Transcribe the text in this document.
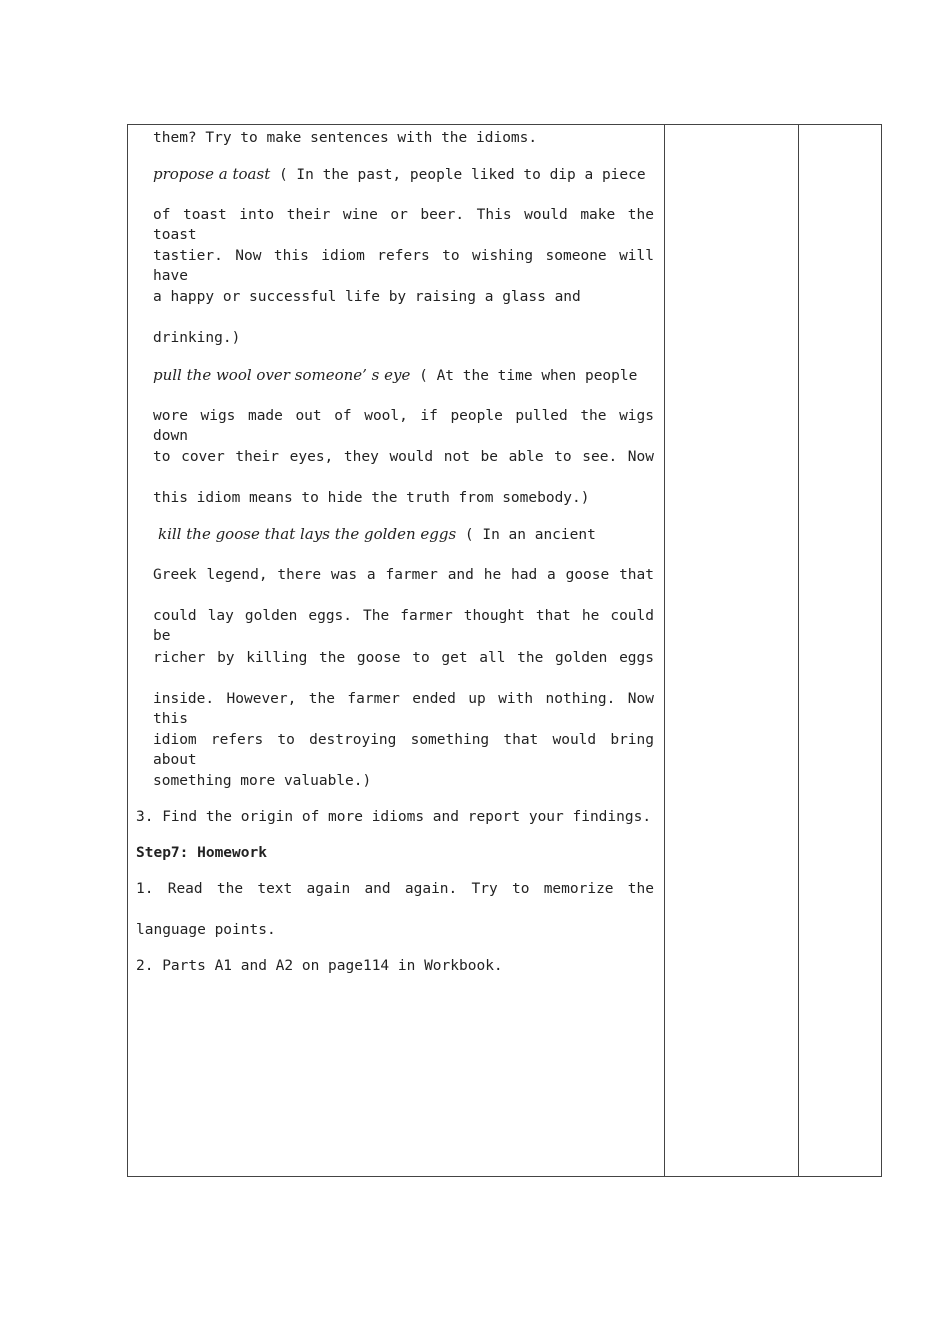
them? Try to make sentences with the idioms.
propose a toast ( In the past, people liked to dip a piece
of toast into their wine or beer. This would make the toast
tastier. Now this idiom refers to wishing someone will have
a happy or successful life by raising a glass and
drinking.)
pull the wool over someone’ s eye ( At the time when people
wore wigs made out of wool, if people pulled the wigs down
to cover their eyes, they would not be able to see. Now
this idiom means to hide the truth from somebody.)
kill the goose that lays the golden eggs ( In an ancient
Greek legend, there was a farmer and he had a goose that
could lay golden eggs. The farmer thought that he could be
richer by killing the goose to get all the golden eggs
inside. However, the farmer ended up with nothing. Now this
idiom refers to destroying something that would bring about
something more valuable.)
3. Find the origin of more idioms and report your findings.
Step7: Homework
1. Read the text again and again. Try to memorize the
language points.
2. Parts A1 and A2 on page114 in Workbook.
